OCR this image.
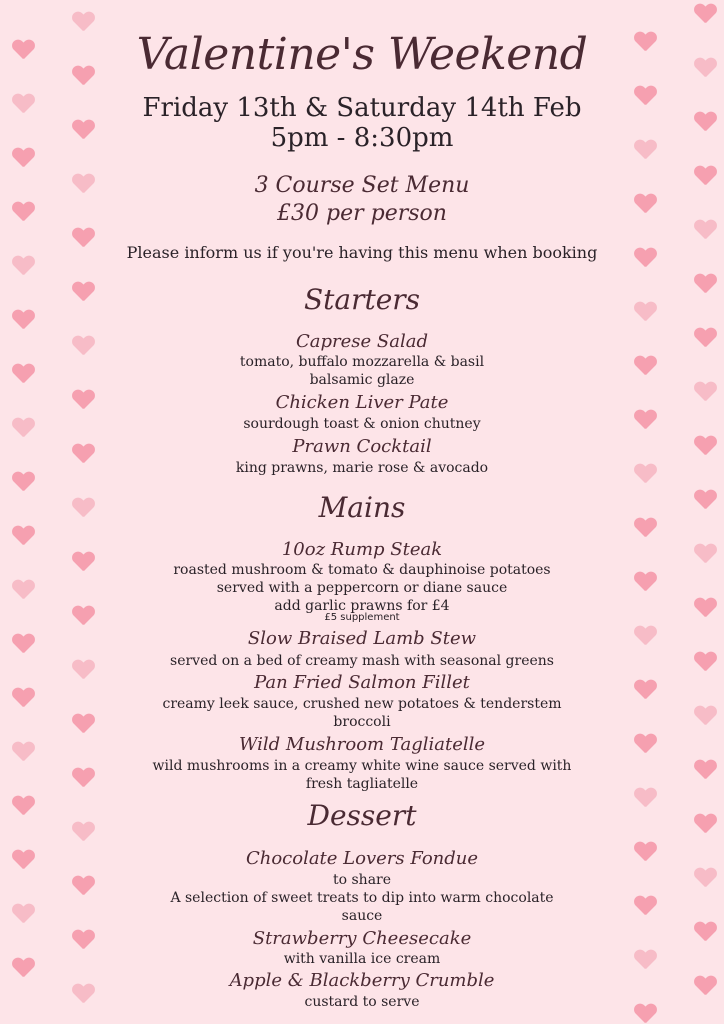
Valentine's Weekend
Friday 13th & Saturday 14th Feb
5pm - 8:30pm
3 Course Set Menu
£30 per person
Please inform us if you're having this menu when booking
Starters
Caprese Salad
tomato, buffalo mozzarella & basil
balsamic glaze
Chicken Liver Pate
sourdough toast & onion chutney
Prawn Cocktail
king prawns, marie rose & avocado
Mains
10oz Rump Steak
roasted mushroom & tomato & dauphinoise potatoes
served with a peppercorn or diane sauce
add garlic prawns for £4
£5 supplement
Slow Braised Lamb Stew
served on a bed of creamy mash with seasonal greens
Pan Fried Salmon Fillet
creamy leek sauce, crushed new potatoes & tenderstem
broccoli
Wild Mushroom Tagliatelle
wild mushrooms in a creamy white wine sauce served with
fresh tagliatelle
Dessert
Chocolate Lovers Fondue
to share
A selection of sweet treats to dip into warm chocolate
sauce
Strawberry Cheesecake
with vanilla ice cream
Apple & Blackberry Crumble
custard to serve
